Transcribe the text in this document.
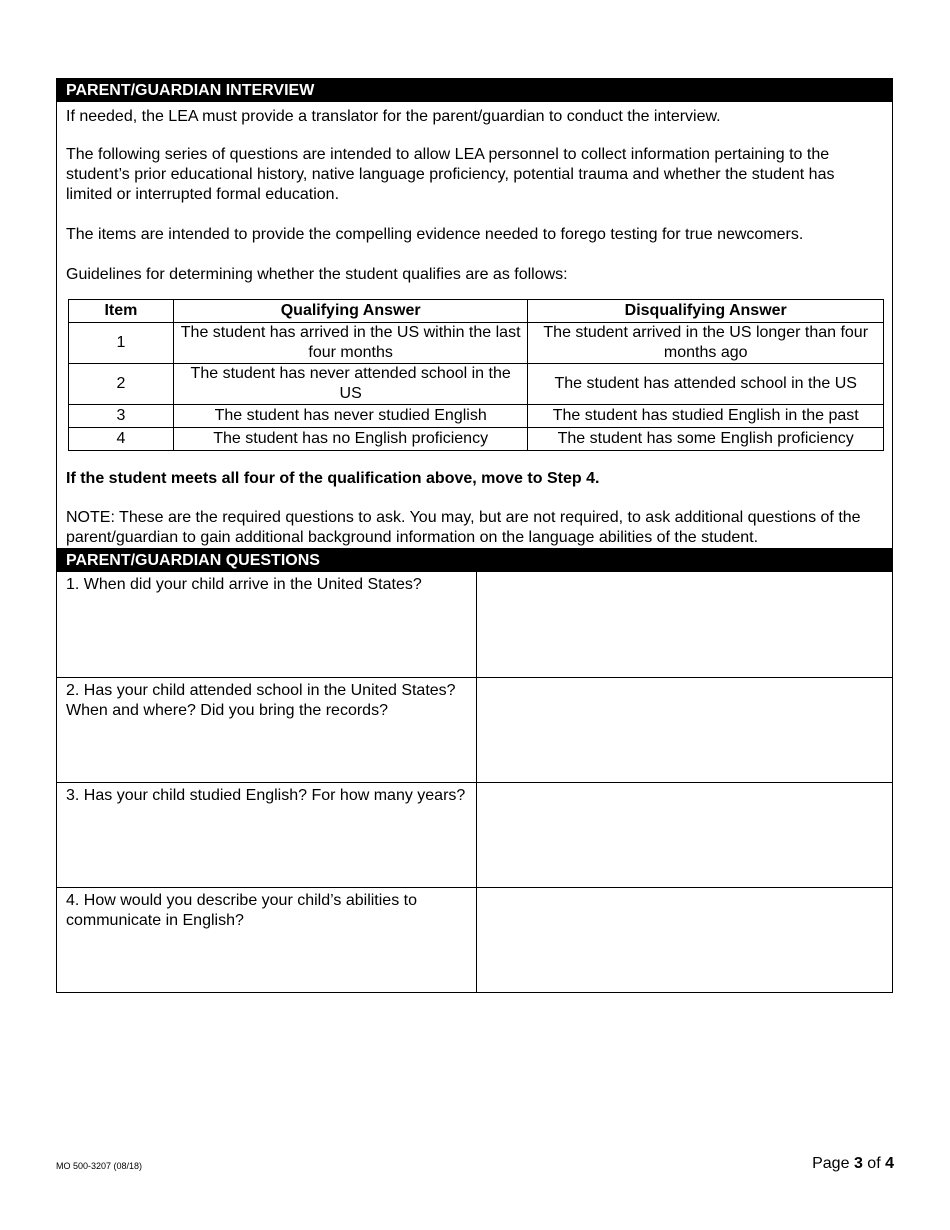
PARENT/GUARDIAN INTERVIEW

If needed, the LEA must provide a translator for the parent/guardian to conduct the interview.

The following series of questions are intended to allow LEA personnel to collect information pertaining to the student’s prior educational history, native language proficiency, potential trauma and whether the student has limited or interrupted formal education.

The items are intended to provide the compelling evidence needed to forego testing for true newcomers.

Guidelines for determining whether the student qualifies are as follows:

Item	Qualifying Answer	Disqualifying Answer
1	The student has arrived in the US within the last four months	The student arrived in the US longer than four months ago
2	The student has never attended school in the US	The student has attended school in the US
3	The student has never studied English	The student has studied English in the past
4	The student has no English proficiency	The student has some English proficiency

If the student meets all four of the qualification above, move to Step 4.

NOTE: These are the required questions to ask. You may, but are not required, to ask additional questions of the parent/guardian to gain additional background information on the language abilities of the student.

PARENT/GUARDIAN QUESTIONS
1. When did your child arrive in the United States?	
2. Has your child attended school in the United States? When and where? Did you bring the records?	
3. Has your child studied English? For how many years?	
4. How would you describe your child’s abilities to communicate in English?	
MO 500-3207 (08/18)	Page 3 of 4
